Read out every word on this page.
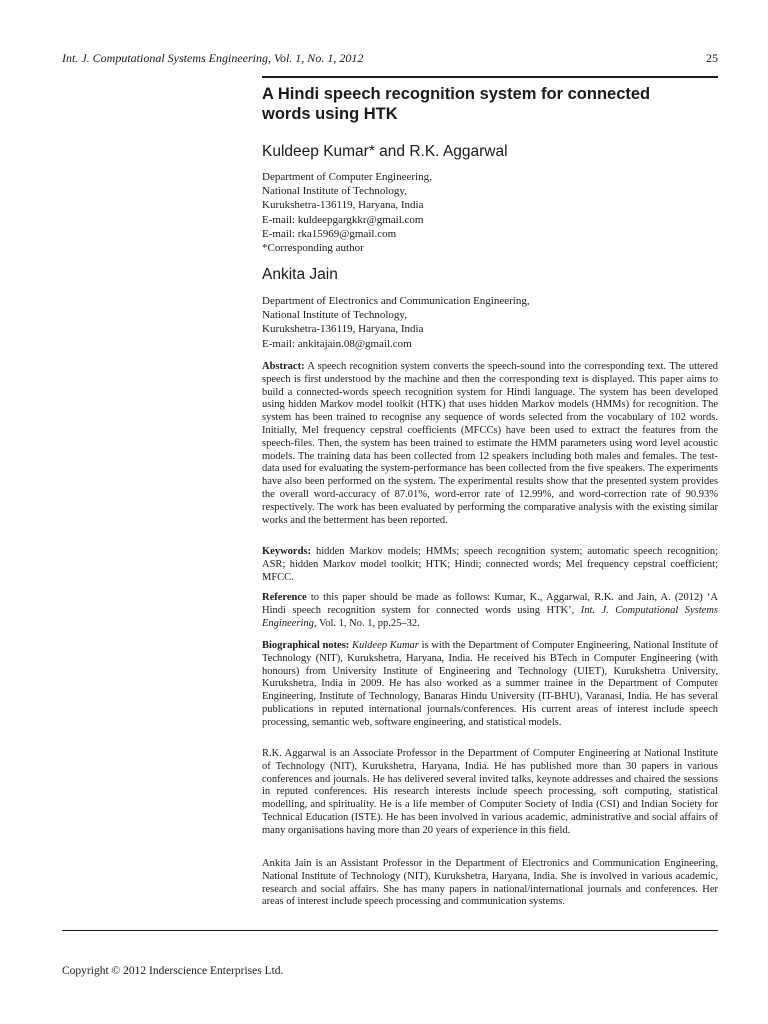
Int. J. Computational Systems Engineering, Vol. 1, No. 1, 2012	25
A Hindi speech recognition system for connected
words using HTK
Kuldeep Kumar* and R.K. Aggarwal
Department of Computer Engineering,
National Institute of Technology,
Kurukshetra-136119, Haryana, India
E-mail: kuldeepgargkkr@gmail.com
E-mail: rka15969@gmail.com
*Corresponding author
Ankita Jain
Department of Electronics and Communication Engineering,
National Institute of Technology,
Kurukshetra-136119, Haryana, India
E-mail: ankitajain.08@gmail.com

Abstract: A speech recognition system converts the speech-sound into the corresponding text. The uttered speech is first understood by the machine and then the corresponding text is displayed. This paper aims to build a connected-words speech recognition system for Hindi language. The system has been developed using hidden Markov model toolkit (HTK) that uses hidden Markov models (HMMs) for recognition. The system has been trained to recognise any sequence of words selected from the vocabulary of 102 words. Initially, Mel frequency cepstral coefficients (MFCCs) have been used to extract the features from the speech-files. Then, the system has been trained to estimate the HMM parameters using word level acoustic models. The training data has been collected from 12 speakers including both males and females. The test-data used for evaluating the system-performance has been collected from the five speakers. The experiments have also been performed on the system. The experimental results show that the presented system provides the overall word-accuracy of 87.01%, word-error rate of 12.99%, and word-correction rate of 90.93% respectively. The work has been evaluated by performing the comparative analysis with the existing similar works and the betterment has been reported.

Keywords: hidden Markov models; HMMs; speech recognition system; automatic speech recognition; ASR; hidden Markov model toolkit; HTK; Hindi; connected words; Mel frequency cepstral coefficient; MFCC.

Reference to this paper should be made as follows: Kumar, K., Aggarwal, R.K. and Jain, A. (2012) ‘A Hindi speech recognition system for connected words using HTK’, Int. J. Computational Systems Engineering, Vol. 1, No. 1, pp.25–32.

Biographical notes: Kuldeep Kumar is with the Department of Computer Engineering, National Institute of Technology (NIT), Kurukshetra, Haryana, India. He received his BTech in Computer Engineering (with honours) from University Institute of Engineering and Technology (UIET), Kurukshetra University, Kurukshetra, India in 2009. He has also worked as a summer trainee in the Department of Computer Engineering, Institute of Technology, Banaras Hindu University (IT-BHU), Varanasi, India. He has several publications in reputed international journals/conferences. His current areas of interest include speech processing, semantic web, software engineering, and statistical models.

R.K. Aggarwal is an Associate Professor in the Department of Computer Engineering at National Institute of Technology (NIT), Kurukshetra, Haryana, India. He has published more than 30 papers in various conferences and journals. He has delivered several invited talks, keynote addresses and chaired the sessions in reputed conferences. His research interests include speech processing, soft computing, statistical modelling, and spirituality. He is a life member of Computer Society of India (CSI) and Indian Society for Technical Education (ISTE). He has been involved in various academic, administrative and social affairs of many organisations having more than 20 years of experience in this field.

Ankita Jain is an Assistant Professor in the Department of Electronics and Communication Engineering, National Institute of Technology (NIT), Kurukshetra, Haryana, India. She is involved in various academic, research and social affairs. She has many papers in national/international journals and conferences. Her areas of interest include speech processing and communication systems.

Copyright © 2012 Inderscience Enterprises Ltd.
